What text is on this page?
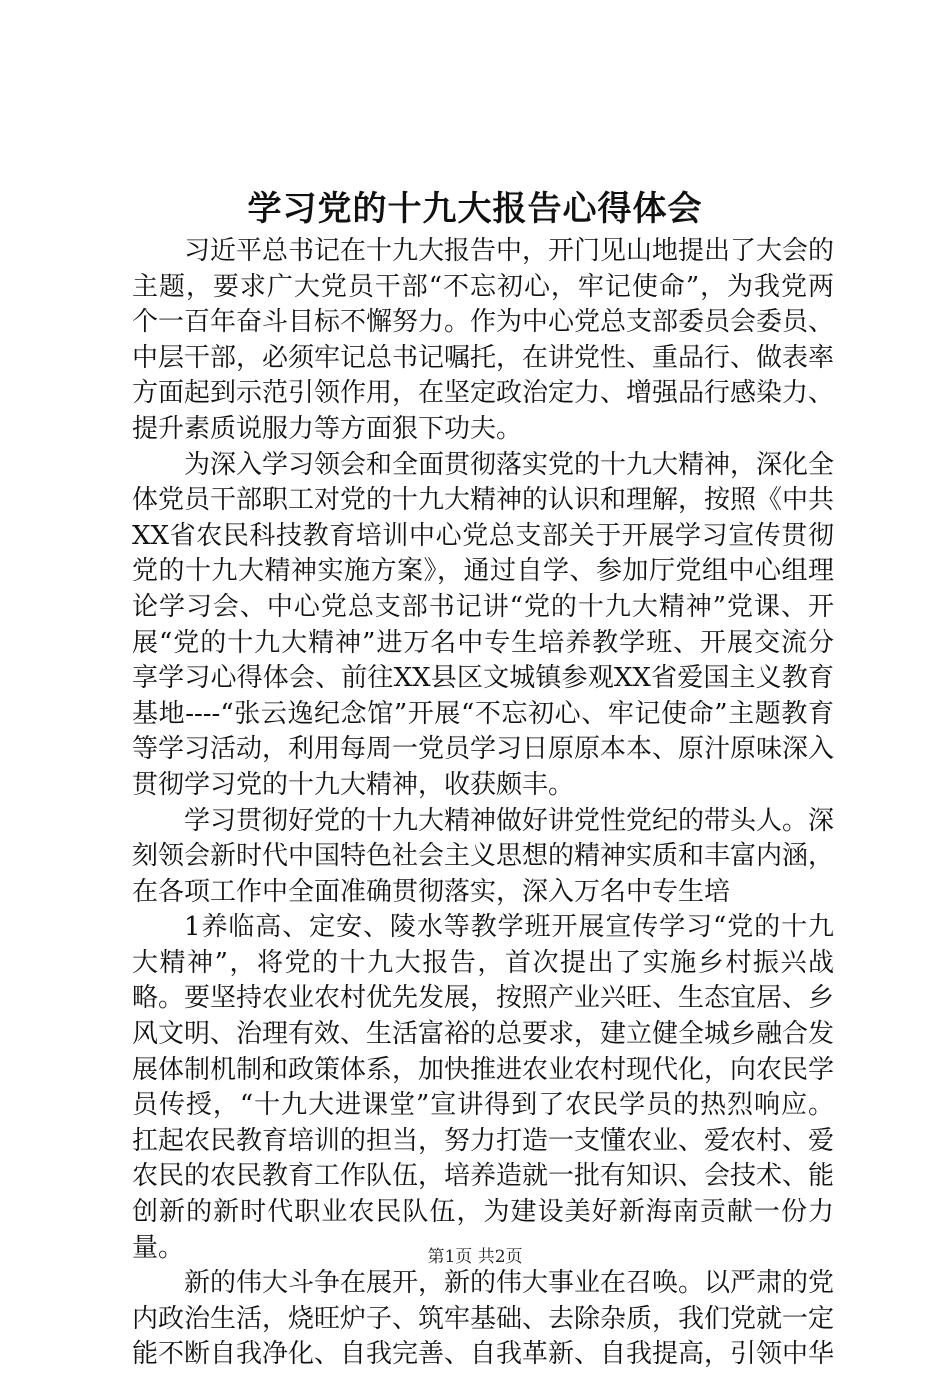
学习党的十九大报告心得体会

习近平总书记在十九大报告中，开门见山地提出了大会的主题，要求广大党员干部“不忘初心，牢记使命”，为我党两个一百年奋斗目标不懈努力。作为中心党总支部委员会委员、中层干部，必须牢记总书记嘱托，在讲党性、重品行、做表率方面起到示范引领作用，在坚定政治定力、增强品行感染力、提升素质说服力等方面狠下功夫。

为深入学习领会和全面贯彻落实党的十九大精神，深化全体党员干部职工对党的十九大精神的认识和理解，按照《中共XX省农民科技教育培训中心党总支部关于开展学习宣传贯彻党的十九大精神实施方案》，通过自学、参加厅党组中心组理论学习会、中心党总支部书记讲“党的十九大精神”党课、开展“党的十九大精神”进万名中专生培养教学班、开展交流分享学习心得体会、前往XX县区文城镇参观XX省爱国主义教育基地----“张云逸纪念馆”开展“不忘初心、牢记使命”主题教育等学习活动，利用每周一党员学习日原原本本、原汁原味深入贯彻学习党的十九大精神，收获颇丰。

学习贯彻好党的十九大精神做好讲党性党纪的带头人。深刻领会新时代中国特色社会主义思想的精神实质和丰富内涵，在各项工作中全面准确贯彻落实，深入万名中专生培

1养临高、定安、陵水等教学班开展宣传学习“党的十九大精神”，将党的十九大报告，首次提出了实施乡村振兴战略。要坚持农业农村优先发展，按照产业兴旺、生态宜居、乡风文明、治理有效、生活富裕的总要求，建立健全城乡融合发展体制机制和政策体系，加快推进农业农村现代化，向农民学员传授，“十九大进课堂”宣讲得到了农民学员的热烈响应。扛起农民教育培训的担当，努力打造一支懂农业、爱农村、爱农民的农民教育工作队伍，培养造就一批有知识、会技术、能创新的新时代职业农民队伍，为建设美好新海南贡献一份力量。

新的伟大斗争在展开，新的伟大事业在召唤。以严肃的党内政治生活，烧旺炉子、筑牢基础、去除杂质，我们党就一定能不断自我净化、自我完善、自我革新、自我提高，引领中华

第1页 共2页
